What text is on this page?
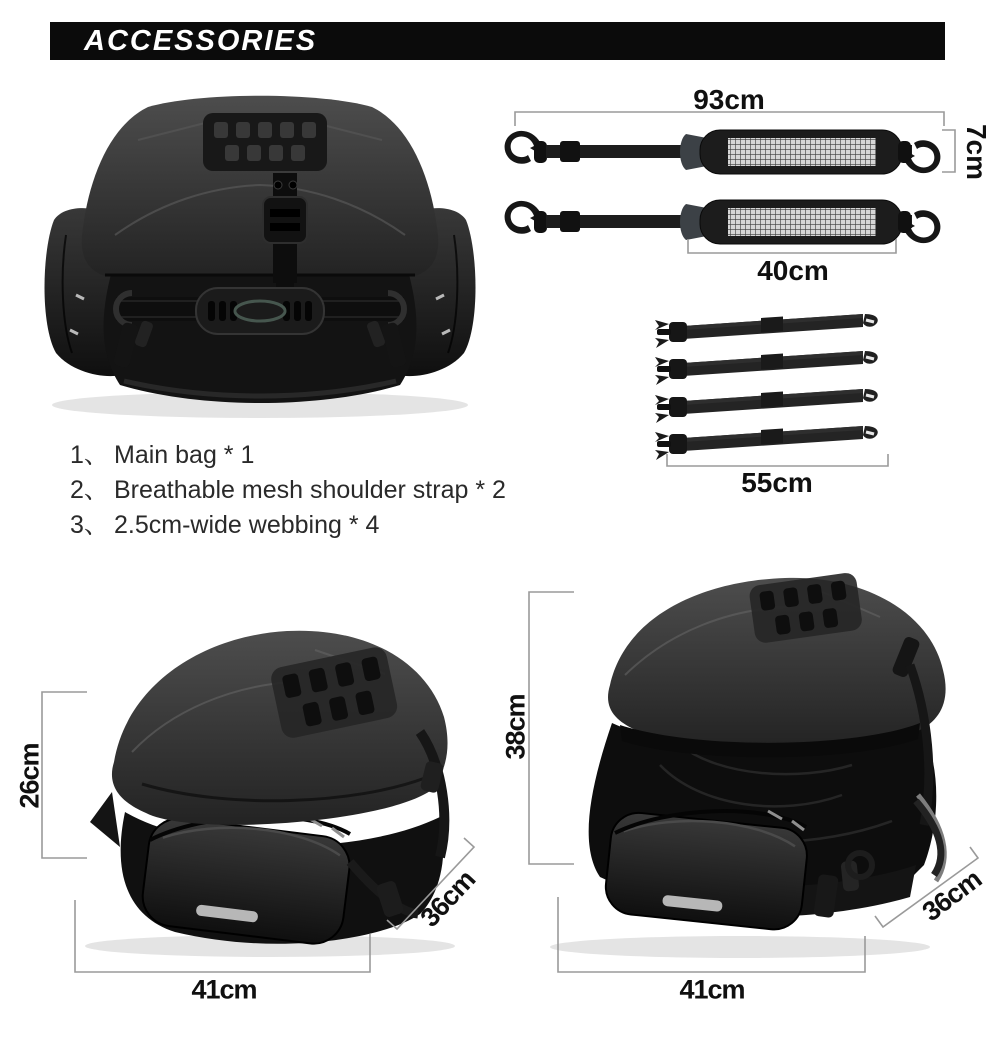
ACCESSORIES
1、 Main bag * 1
2、 Breathable mesh shoulder strap * 2
3、 2.5cm-wide webbing * 4
93cm
7cm
40cm
55cm
26cm
36cm
41cm
38cm
36cm
41cm
